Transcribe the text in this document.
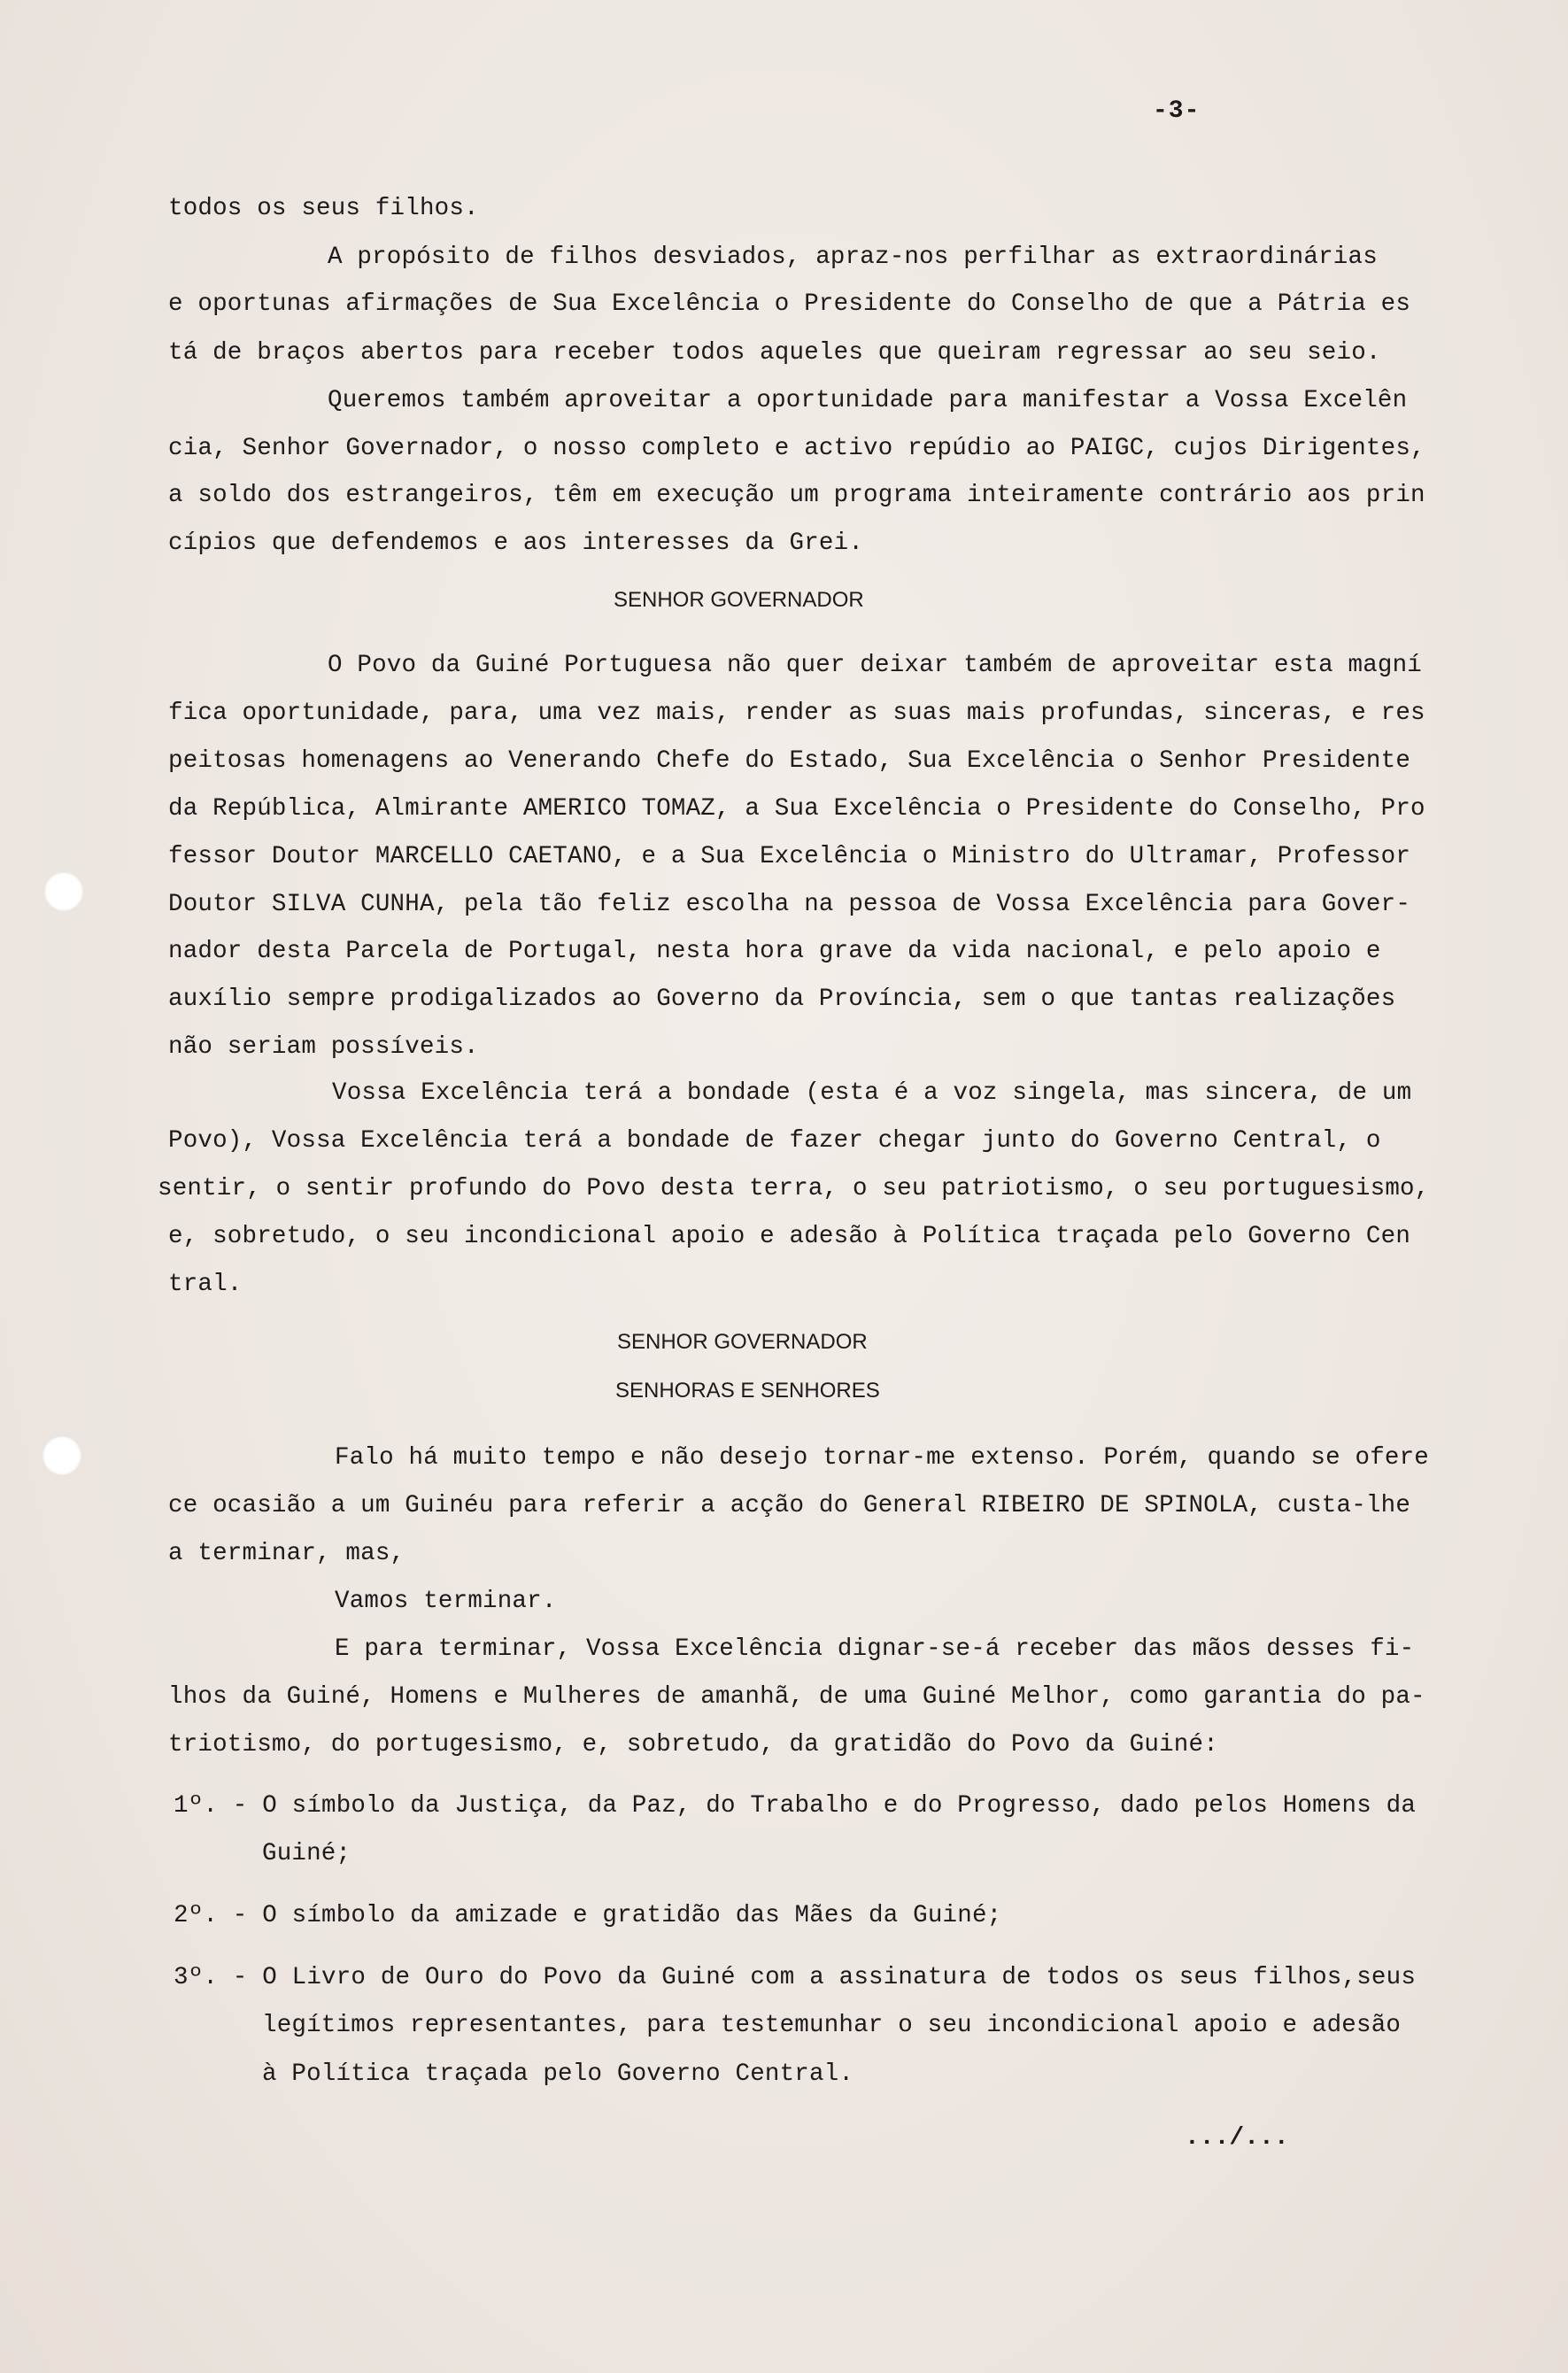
-3-
todos os seus filhos.
A propósito de filhos desviados, apraz-nos perfilhar as extraordinárias
e oportunas afirmações de Sua Excelência o Presidente do Conselho de que a Pátria es
tá de braços abertos para receber todos aqueles que queiram regressar ao seu seio.
Queremos também aproveitar a oportunidade para manifestar a Vossa Excelên
cia, Senhor Governador, o nosso completo e activo repúdio ao PAIGC, cujos Dirigentes,
a soldo dos estrangeiros, têm em execução um programa inteiramente contrário aos prin
cípios que defendemos e aos interesses da Grei.
SENHOR GOVERNADOR
O Povo da Guiné Portuguesa não quer deixar também de aproveitar esta magní
fica oportunidade, para, uma vez mais, render as suas mais profundas, sinceras, e res
peitosas homenagens ao Venerando Chefe do Estado, Sua Excelência o Senhor Presidente
da República, Almirante AMERICO TOMAZ, a Sua Excelência o Presidente do Conselho, Pro
fessor Doutor MARCELLO CAETANO, e a Sua Excelência o Ministro do Ultramar, Professor
Doutor SILVA CUNHA, pela tão feliz escolha na pessoa de Vossa Excelência para Gover-
nador desta Parcela de Portugal, nesta hora grave da vida nacional, e pelo apoio e
auxílio sempre prodigalizados ao Governo da Província, sem o que tantas realizações
não seriam possíveis.
Vossa Excelência terá a bondade (esta é a voz singela, mas sincera, de um
Povo), Vossa Excelência terá a bondade de fazer chegar junto do Governo Central, o
sentir, o sentir profundo do Povo desta terra, o seu patriotismo, o seu portuguesismo,
e, sobretudo, o seu incondicional apoio e adesão à Política traçada pelo Governo Cen
tral.
SENHOR GOVERNADOR
SENHORAS E SENHORES
Falo há muito tempo e não desejo tornar-me extenso. Porém, quando se ofere
ce ocasião a um Guinéu para referir a acção do General RIBEIRO DE SPINOLA, custa-lhe
a terminar, mas,
Vamos terminar.
E para terminar, Vossa Excelência dignar-se-á receber das mãos desses fi-
lhos da Guiné, Homens e Mulheres de amanhã, de uma Guiné Melhor, como garantia do pa-
triotismo, do portugesismo, e, sobretudo, da gratidão do Povo da Guiné:
1º. - O símbolo da Justiça, da Paz, do Trabalho e do Progresso, dado pelos Homens da
Guiné;
2º. - O símbolo da amizade e gratidão das Mães da Guiné;
3º. - O Livro de Ouro do Povo da Guiné com a assinatura de todos os seus filhos,seus
legítimos representantes, para testemunhar o seu incondicional apoio e adesão
à Política traçada pelo Governo Central.
.../...
